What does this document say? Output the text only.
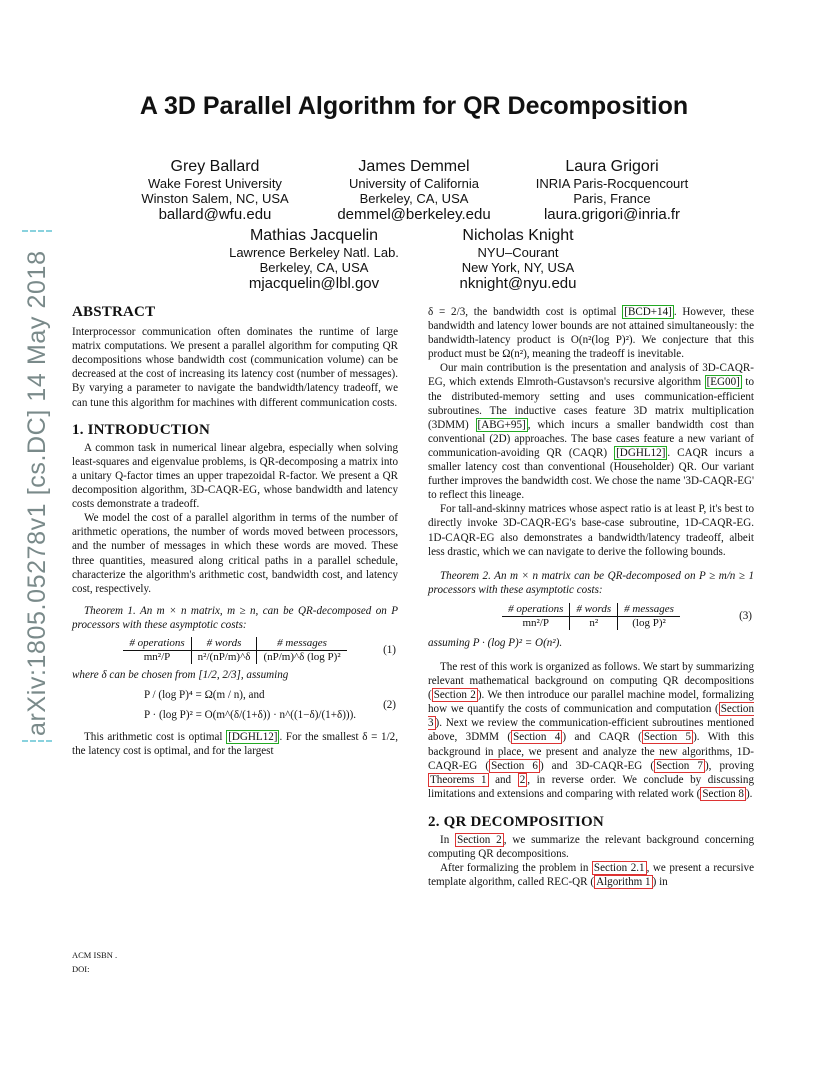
A 3D Parallel Algorithm for QR Decomposition
arXiv:1805.05278v1 [cs.DC] 14 May 2018
Grey Ballard
Wake Forest University
Winston Salem, NC, USA
ballard@wfu.edu
James Demmel
University of California
Berkeley, CA, USA
demmel@berkeley.edu
Laura Grigori
INRIA Paris-Rocquencourt
Paris, France
laura.grigori@inria.fr
Mathias Jacquelin
Lawrence Berkeley Natl. Lab.
Berkeley, CA, USA
mjacquelin@lbl.gov
Nicholas Knight
NYU–Courant
New York, NY, USA
nknight@nyu.edu
ABSTRACT

Interprocessor communication often dominates the runtime of large matrix computations. We present a parallel algorithm for computing QR decompositions whose bandwidth cost (communication volume) can be decreased at the cost of increasing its latency cost (number of messages). By varying a parameter to navigate the bandwidth/latency tradeoff, we can tune this algorithm for machines with different communication costs.

1. INTRODUCTION

A common task in numerical linear algebra, especially when solving least-squares and eigenvalue problems, is QR-decomposing a matrix into a unitary Q-factor times an upper trapezoidal R-factor. We present a QR decomposition algorithm, 3D-CAQR-EG, whose bandwidth and latency costs demonstrate a tradeoff.

We model the cost of a parallel algorithm in terms of the number of arithmetic operations, the number of words moved between processors, and the number of messages in which these words are moved. These three quantities, measured along critical paths in a parallel schedule, characterize the algorithm's arithmetic cost, bandwidth cost, and latency cost, respectively.

Theorem 1. An m × n matrix, m ≥ n, can be QR-decomposed on P processors with these asymptotic costs:

# operations	# words	# messages
mn²/P	n²/(nP/m)^δ	(nP/m)^δ (log P)²
(1)

where δ can be chosen from [1/2, 2/3], assuming

P / (log P)⁴ = Ω(m / n), and
P · (log P)² = O(m^(δ/(1+δ)) · n^((1−δ)/(1+δ))).
(2)

This arithmetic cost is optimal [DGHL12] . For the smallest δ = 1/2, the latency cost is optimal, and for the largest

ACM ISBN .
DOI:

δ = 2/3, the bandwidth cost is optimal [BCD+14] . However, these bandwidth and latency lower bounds are not attained simultaneously: the bandwidth-latency product is O(n²(log P)²). We conjecture that this product must be Ω(n²), meaning the tradeoff is inevitable.

Our main contribution is the presentation and analysis of 3D-CAQR-EG, which extends Elmroth-Gustavson's recursive algorithm [EG00] to the distributed-memory setting and uses communication-efficient subroutines. The inductive cases feature 3D matrix multiplication (3DMM) [ABG+95] , which incurs a smaller bandwidth cost than conventional (2D) approaches. The base cases feature a new variant of communication-avoiding QR (CAQR) [DGHL12] . CAQR incurs a smaller latency cost than conventional (Householder) QR. Our variant further improves the bandwidth cost. We chose the name '3D-CAQR-EG' to reflect this lineage.

For tall-and-skinny matrices whose aspect ratio is at least P, it's best to directly invoke 3D-CAQR-EG's base-case subroutine, 1D-CAQR-EG. 1D-CAQR-EG also demonstrates a bandwidth/latency tradeoff, albeit less drastic, which we can navigate to derive the following bounds.

Theorem 2. An m × n matrix can be QR-decomposed on P ≥ m/n ≥ 1 processors with these asymptotic costs:

# operations	# words	# messages
mn²/P	n²	(log P)²
(3)

assuming P · (log P)² = O(n²).

The rest of this work is organized as follows. We start by summarizing relevant mathematical background on computing QR decompositions ( Section 2 ). We then introduce our parallel machine model, formalizing how we quantify the costs of communication and computation ( Section 3 ). Next we review the communication-efficient subroutines mentioned above, 3DMM ( Section 4 ) and CAQR ( Section 5 ). With this background in place, we present and analyze the new algorithms, 1D-CAQR-EG ( Section 6 ) and 3D-CAQR-EG ( Section 7 ), proving Theorems 1 and 2 , in reverse order. We conclude by discussing limitations and extensions and comparing with related work ( Section 8 ).

2. QR DECOMPOSITION

In Section 2 , we summarize the relevant background concerning computing QR decompositions.

After formalizing the problem in Section 2.1 , we present a recursive template algorithm, called REC-QR ( Algorithm 1 ) in
